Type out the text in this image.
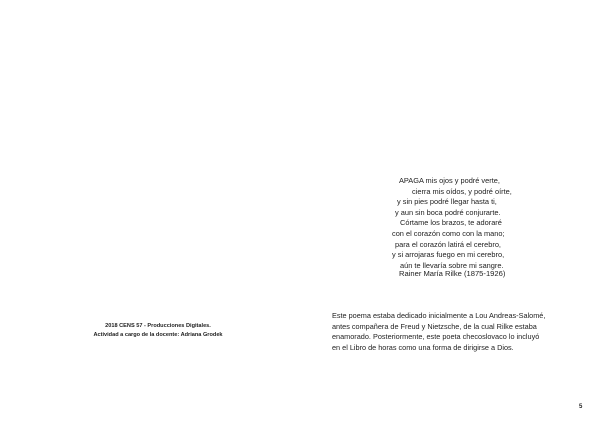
2018 CENS 57 - Producciones Digitales.
Actividad a cargo de la docente: Adriana Grodek
APAGA mis ojos y podré verte,
cierra mis oídos, y podré oírte,
y sin pies podré llegar hasta ti,
y aun sin boca podré conjurarte.
Córtame los brazos, te adoraré
con el corazón como con la mano;
para el corazón latirá el cerebro,
y si arrojaras fuego en mi cerebro,
aún te llevaría sobre mi sangre.
Rainer María Rilke (1875-1926)
Este poema estaba dedicado inicialmente a Lou Andreas-Salomé,
antes compañera de Freud y Nietzsche, de la cual Rilke estaba
enamorado. Posteriormente, este poeta checoslovaco lo incluyó
en el Libro de horas como una forma de dirigirse a Dios.
5
